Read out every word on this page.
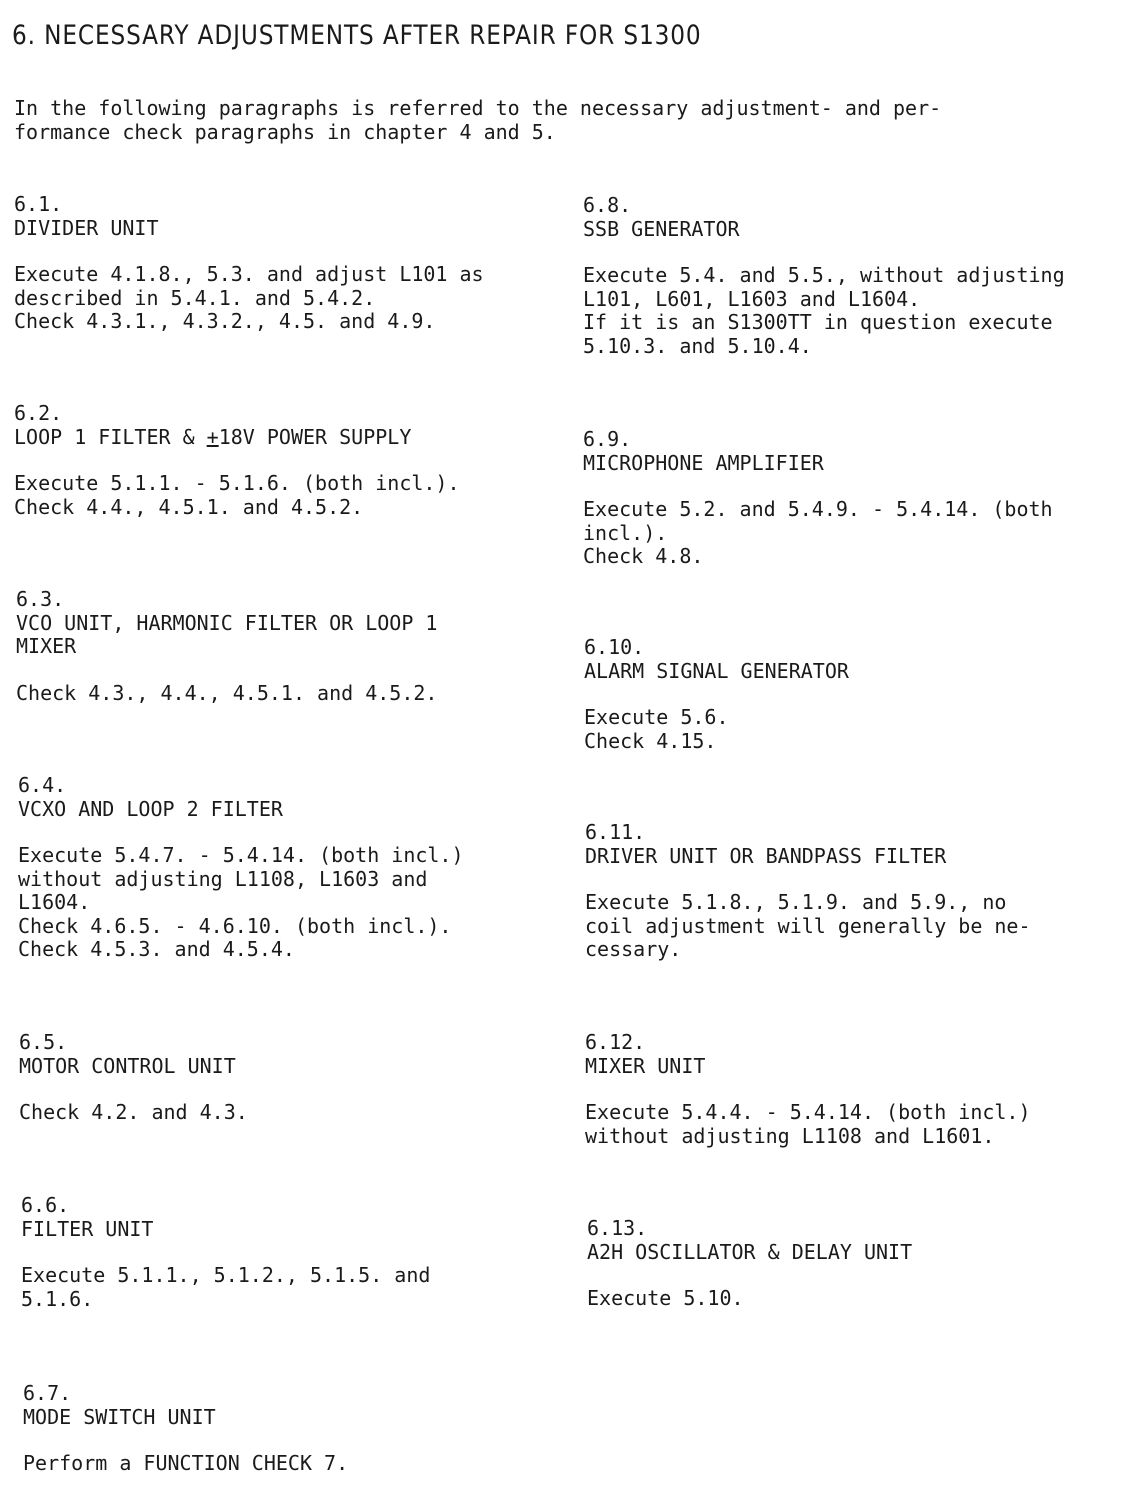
6. NECESSARY ADJUSTMENTS AFTER REPAIR FOR S1300

In the following paragraphs is referred to the necessary adjustment- and per-
formance check paragraphs in chapter 4 and 5.

6.1.
DIVIDER UNIT
Execute 4.1.8., 5.3. and adjust L101 as
described in 5.4.1. and 5.4.2.
Check 4.3.1., 4.3.2., 4.5. and 4.9.
6.2.
LOOP 1 FILTER & +18V POWER SUPPLY
Execute 5.1.1. - 5.1.6. (both incl.).
Check 4.4., 4.5.1. and 4.5.2.
6.3.
VCO UNIT, HARMONIC FILTER OR LOOP 1
MIXER
Check 4.3., 4.4., 4.5.1. and 4.5.2.
6.4.
VCXO AND LOOP 2 FILTER
Execute 5.4.7. - 5.4.14. (both incl.)
without adjusting L1108, L1603 and
L1604.
Check 4.6.5. - 4.6.10. (both incl.).
Check 4.5.3. and 4.5.4.
6.5.
MOTOR CONTROL UNIT
Check 4.2. and 4.3.
6.6.
FILTER UNIT
Execute 5.1.1., 5.1.2., 5.1.5. and
5.1.6.
6.7.
MODE SWITCH UNIT
Perform a FUNCTION CHECK 7.
6.8.
SSB GENERATOR
Execute 5.4. and 5.5., without adjusting
L101, L601, L1603 and L1604.
If it is an S1300TT in question execute
5.10.3. and 5.10.4.
6.9.
MICROPHONE AMPLIFIER
Execute 5.2. and 5.4.9. - 5.4.14. (both
incl.).
Check 4.8.
6.10.
ALARM SIGNAL GENERATOR
Execute 5.6.
Check 4.15.
6.11.
DRIVER UNIT OR BANDPASS FILTER
Execute 5.1.8., 5.1.9. and 5.9., no
coil adjustment will generally be ne-
cessary.
6.12.
MIXER UNIT
Execute 5.4.4. - 5.4.14. (both incl.)
without adjusting L1108 and L1601.
6.13.
A2H OSCILLATOR & DELAY UNIT
Execute 5.10.
